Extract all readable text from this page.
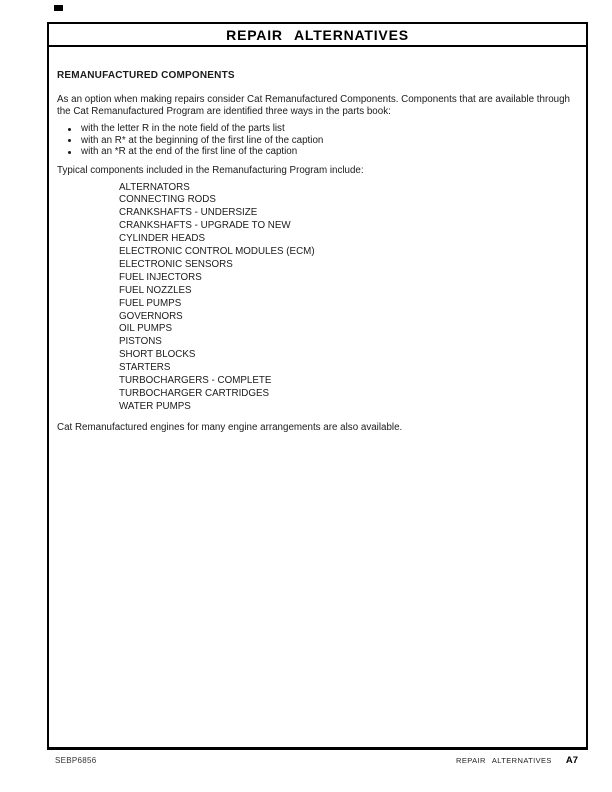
REPAIR ALTERNATIVES
REMANUFACTURED COMPONENTS
As an option when making repairs consider Cat Remanufactured Components. Components that are available through the Cat Remanufactured Program are identified three ways in the parts book:
with the letter R in the note field of the parts list
with an R* at the beginning of the first line of the caption
with an *R at the end of the first line of the caption
Typical components included in the Remanufacturing Program include:
ALTERNATORS
CONNECTING RODS
CRANKSHAFTS - UNDERSIZE
CRANKSHAFTS - UPGRADE TO NEW
CYLINDER HEADS
ELECTRONIC CONTROL MODULES (ECM)
ELECTRONIC SENSORS
FUEL INJECTORS
FUEL NOZZLES
FUEL PUMPS
GOVERNORS
OIL PUMPS
PISTONS
SHORT BLOCKS
STARTERS
TURBOCHARGERS - COMPLETE
TURBOCHARGER CARTRIDGES
WATER PUMPS
Cat Remanufactured engines for many engine arrangements are also available.
SEBP6856	REPAIR ALTERNATIVES A7
